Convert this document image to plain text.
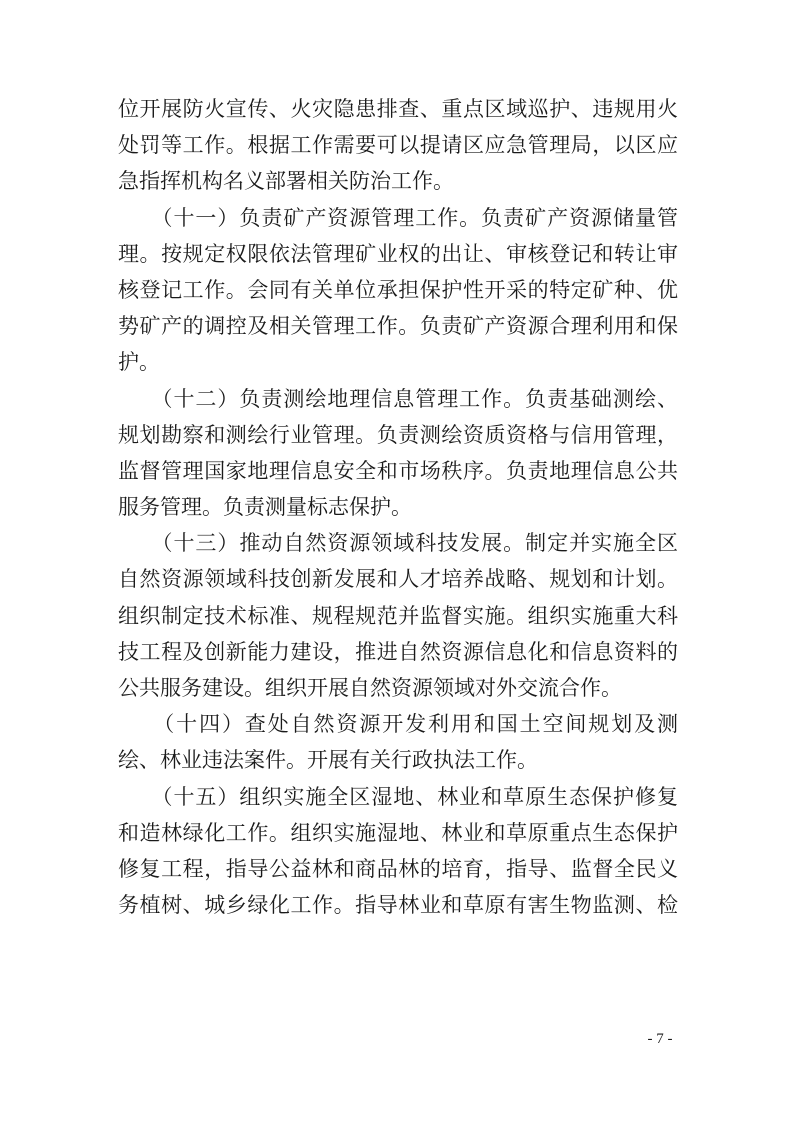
位开展防火宣传、火灾隐患排查、重点区域巡护、违规用火
处罚等工作。根据工作需要可以提请区应急管理局，以区应
急指挥机构名义部署相关防治工作。
　　（十一）负责矿产资源管理工作。负责矿产资源储量管
理。按规定权限依法管理矿业权的出让、审核登记和转让审
核登记工作。会同有关单位承担保护性开采的特定矿种、优
势矿产的调控及相关管理工作。负责矿产资源合理利用和保
护。
　　（十二）负责测绘地理信息管理工作。负责基础测绘、
规划勘察和测绘行业管理。负责测绘资质资格与信用管理，
监督管理国家地理信息安全和市场秩序。负责地理信息公共
服务管理。负责测量标志保护。
　　（十三）推动自然资源领域科技发展。制定并实施全区
自然资源领域科技创新发展和人才培养战略、规划和计划。
组织制定技术标准、规程规范并监督实施。组织实施重大科
技工程及创新能力建设，推进自然资源信息化和信息资料的
公共服务建设。组织开展自然资源领域对外交流合作。
　　（十四）查处自然资源开发利用和国土空间规划及测
绘、林业违法案件。开展有关行政执法工作。
　　（十五）组织实施全区湿地、林业和草原生态保护修复
和造林绿化工作。组织实施湿地、林业和草原重点生态保护
修复工程，指导公益林和商品林的培育，指导、监督全民义
务植树、城乡绿化工作。指导林业和草原有害生物监测、检
- 7 -
